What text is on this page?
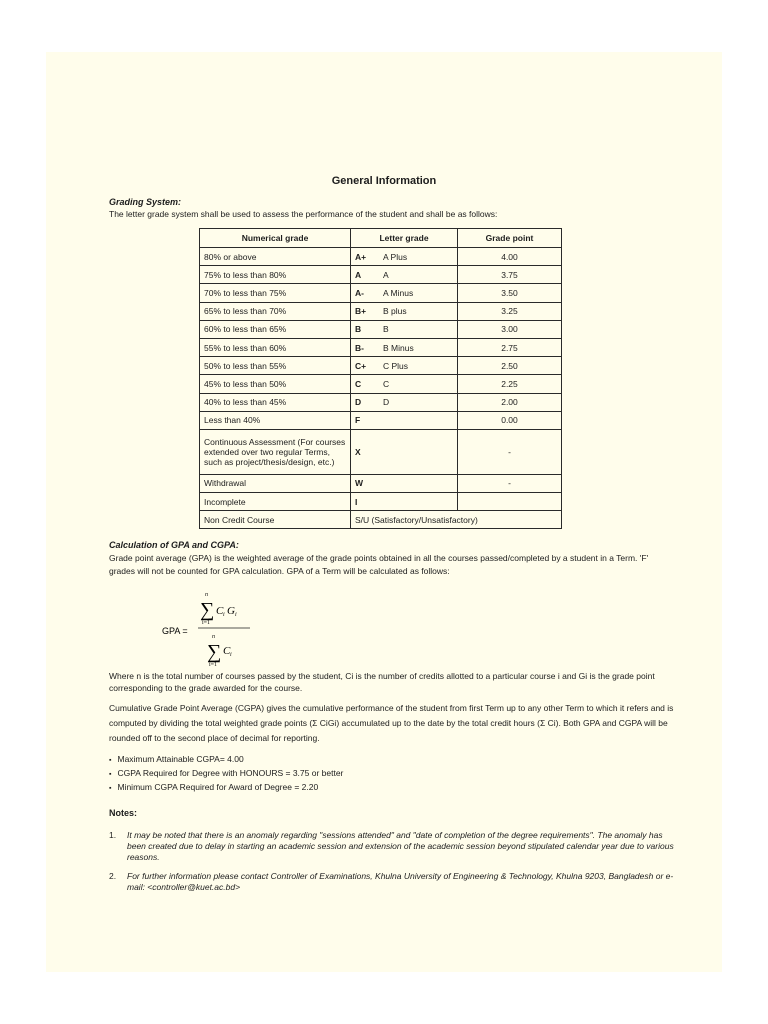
General Information
Grading System:
The letter grade system shall be used to assess the performance of the student and shall be as follows:
Numerical grade	Letter grade	Grade point
80% or above	A+ A Plus	4.00
75% to less than 80%	A A	3.75
70% to less than 75%	A- A Minus	3.50
65% to less than 70%	B+ B plus	3.25
60% to less than 65%	B B	3.00
55% to less than 60%	B- B Minus	2.75
50% to less than 55%	C+ C Plus	2.50
45% to less than 50%	C C	2.25
40% to less than 45%	D D	2.00
Less than 40%	F	0.00
Continuous Assessment (For courses extended over two regular Terms, such as project/thesis/design, etc.)	X	-
Withdrawal	W	-
Incomplete	I	
Non Credit Course	S/U (Satisfactory/Unsatisfactory)	
Calculation of GPA and CGPA:
Grade point average (GPA) is the weighted average of the grade points obtained in all the courses passed/completed by a student in a Term. 'F' grades will not be counted for GPA calculation. GPA of a Term will be calculated as follows:
GPA =
n
∑ C i G i
i=1
n
∑ C i
i=1
Where n is the total number of courses passed by the student, Ci is the number of credits allotted to a particular course i and Gi is the grade point corresponding to the grade awarded for the course.
Cumulative Grade Point Average (CGPA) gives the cumulative performance of the student from first Term up to any other Term to which it refers and is computed by dividing the total weighted grade points (Σ CiGi) accumulated up to the date by the total credit hours (Σ Ci). Both GPA and CGPA will be rounded off to the second place of decimal for reporting.
▪ Maximum Attainable CGPA= 4.00
▪ CGPA Required for Degree with HONOURS = 3.75 or better
▪ Minimum CGPA Required for Award of Degree = 2.20
Notes:
1. It may be noted that there is an anomaly regarding "sessions attended" and "date of completion of the degree requirements". The anomaly has been created due to delay in starting an academic session and extension of the academic session beyond stipulated calendar year due to various reasons.
2. For further information please contact Controller of Examinations, Khulna University of Engineering & Technology, Khulna 9203, Bangladesh or e-mail: <controller@kuet.ac.bd>
